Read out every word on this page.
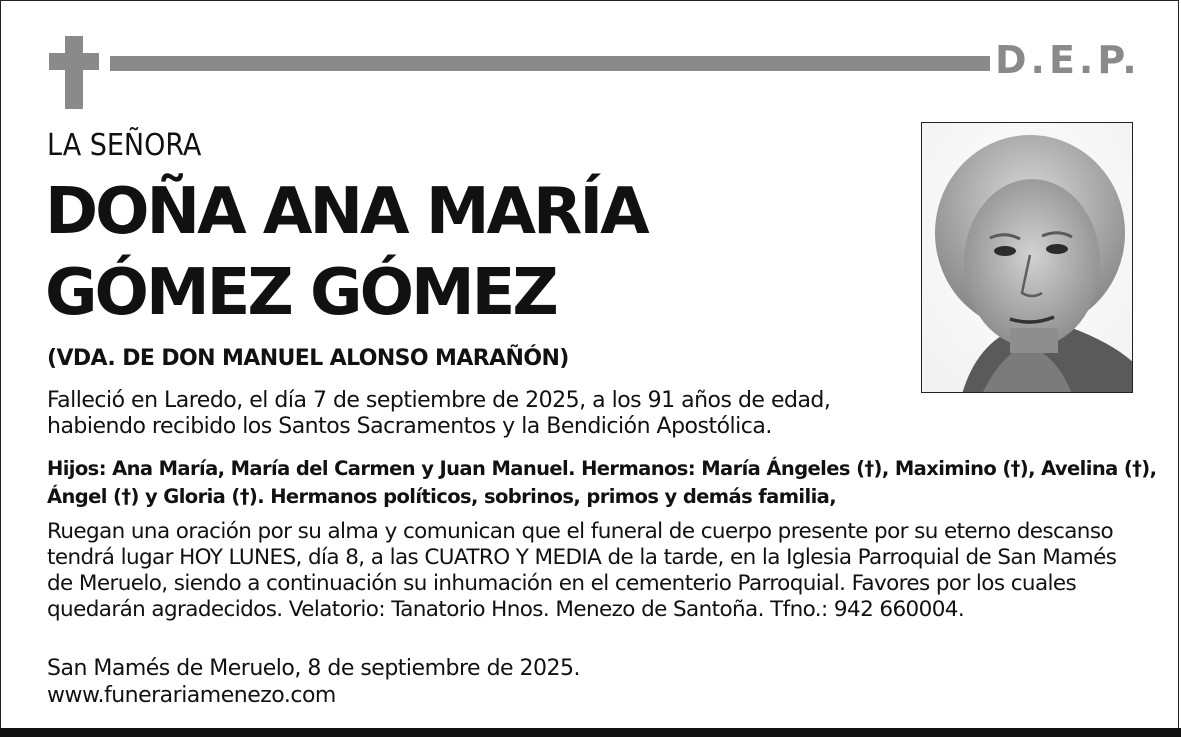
D.E.P.
LA SEÑORA
DOÑA ANA MARÍA
GÓMEZ GÓMEZ
(VDA. DE DON MANUEL ALONSO MARAÑÓN)
Falleció en Laredo, el día 7 de septiembre de 2025, a los 91 años de edad,
habiendo recibido los Santos Sacramentos y la Bendición Apostólica.
Hijos: Ana María, María del Carmen y Juan Manuel. Hermanos: María Ángeles (†), Maximino (†), Avelina (†),
Ángel (†) y Gloria (†). Hermanos políticos, sobrinos, primos y demás familia,
Ruegan una oración por su alma y comunican que el funeral de cuerpo presente por su eterno descanso
tendrá lugar HOY LUNES, día 8, a las CUATRO Y MEDIA de la tarde, en la Iglesia Parroquial de San Mamés
de Meruelo, siendo a continuación su inhumación en el cementerio Parroquial. Favores por los cuales
quedarán agradecidos. Velatorio: Tanatorio Hnos. Menezo de Santoña. Tfno.: 942 660004.
San Mamés de Meruelo, 8 de septiembre de 2025.
www.funerariamenezo.com
